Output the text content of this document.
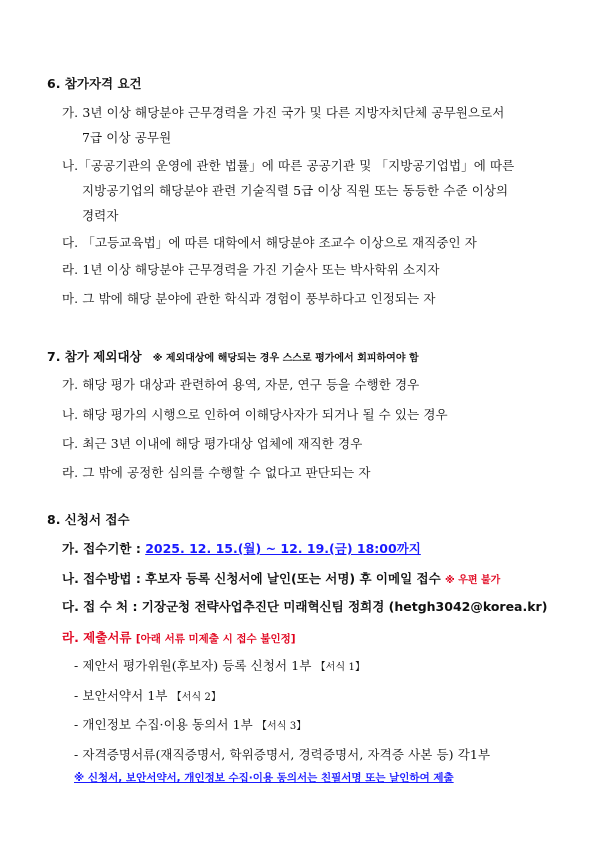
6. 참가자격 요건
가. 3년 이상 해당분야 근무경력을 가진 국가 및 다른 지방자치단체 공무원으로서
7급 이상 공무원
나.「공공기관의 운영에 관한 법률」에 따른 공공기관 및 「지방공기업법」에 따른
지방공기업의 해당분야 관련 기술직렬 5급 이상 직원 또는 동등한 수준 이상의
경력자
다. 「고등교육법」에 따른 대학에서 해당분야 조교수 이상으로 재직중인 자
라. 1년 이상 해당분야 근무경력을 가진 기술사 또는 박사학위 소지자
마. 그 밖에 해당 분야에 관한 학식과 경험이 풍부하다고 인정되는 자
7. 참가 제외대상 ※ 제외대상에 해당되는 경우 스스로 평가에서 회피하여야 함
가. 해당 평가 대상과 관련하여 용역, 자문, 연구 등을 수행한 경우
나. 해당 평가의 시행으로 인하여 이해당사자가 되거나 될 수 있는 경우
다. 최근 3년 이내에 해당 평가대상 업체에 재직한 경우
라. 그 밖에 공정한 심의를 수행할 수 없다고 판단되는 자
8. 신청서 접수
가. 접수기한 : 2025. 12. 15.(월) ~ 12. 19.(금) 18:00까지
나. 접수방법 : 후보자 등록 신청서에 날인(또는 서명) 후 이메일 접수 ※ 우편 불가
다. 접 수 처 : 기장군청 전략사업추진단 미래혁신팀 정희경 (hetgh3042@korea.kr)
라. 제출서류 [아래 서류 미제출 시 접수 불인정]
- 제안서 평가위원(후보자) 등록 신청서 1부 【서식 1】
- 보안서약서 1부 【서식 2】
- 개인정보 수집·이용 동의서 1부 【서식 3】
- 자격증명서류(재직증명서, 학위증명서, 경력증명서, 자격증 사본 등) 각1부
※ 신청서, 보안서약서, 개인정보 수집·이용 동의서는 친필서명 또는 날인하여 제출
